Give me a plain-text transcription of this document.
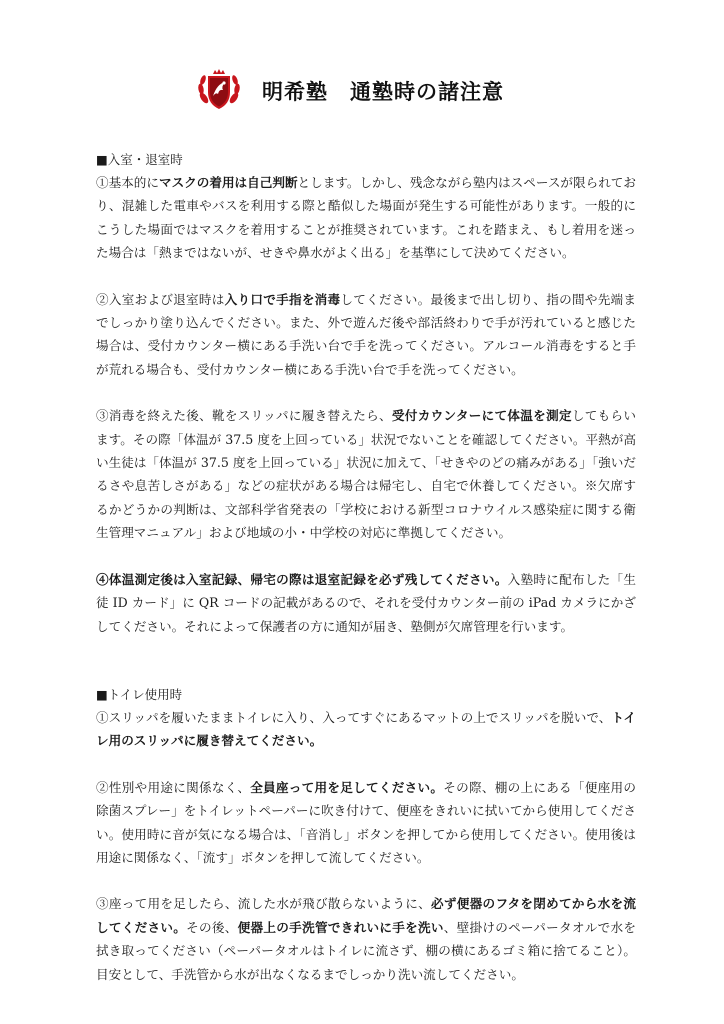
明希塾　通塾時の諸注意

■入室・退室時

①基本的にマスクの着用は自己判断とします。しかし、残念ながら塾内はスペースが限られており、混雑した電車やバスを利用する際と酷似した場面が発生する可能性があります。一般的にこうした場面ではマスクを着用することが推奨されています。これを踏まえ、もし着用を迷った場合は「熱まではないが、せきや鼻水がよく出る」を基準にして決めてください。

②入室および退室時は入り口で手指を消毒してください。最後まで出し切り、指の間や先端までしっかり塗り込んでください。また、外で遊んだ後や部活終わりで手が汚れていると感じた場合は、受付カウンター横にある手洗い台で手を洗ってください。アルコール消毒をすると手が荒れる場合も、受付カウンター横にある手洗い台で手を洗ってください。

③消毒を終えた後、靴をスリッパに履き替えたら、受付カウンターにて体温を測定してもらいます。その際「体温が 37.5 度を上回っている」状況でないことを確認してください。平熱が高い生徒は「体温が 37.5 度を上回っている」状況に加えて、「せきやのどの痛みがある」「強いだるさや息苦しさがある」などの症状がある場合は帰宅し、自宅で休養してください。※欠席するかどうかの判断は、文部科学省発表の「学校における新型コロナウイルス感染症に関する衛生管理マニュアル」および地域の小・中学校の対応に準拠してください。

④体温測定後は入室記録、帰宅の際は退室記録を必ず残してください。入塾時に配布した「生徒 ID カード」に QR コードの記載があるので、それを受付カウンター前の iPad カメラにかざしてください。それによって保護者の方に通知が届き、塾側が欠席管理を行います。

■トイレ使用時

①スリッパを履いたままトイレに入り、入ってすぐにあるマットの上でスリッパを脱いで、トイレ用のスリッパに履き替えてください。

②性別や用途に関係なく、全員座って用を足してください。その際、棚の上にある「便座用の除菌スプレー」をトイレットペーパーに吹き付けて、便座をきれいに拭いてから使用してください。使用時に音が気になる場合は、「音消し」ボタンを押してから使用してください。使用後は用途に関係なく、「流す」ボタンを押して流してください。

③座って用を足したら、流した水が飛び散らないように、必ず便器のフタを閉めてから水を流してください。その後、便器上の手洗管できれいに手を洗い、壁掛けのペーパータオルで水を拭き取ってください（ペーパータオルはトイレに流さず、棚の横にあるゴミ箱に捨てること）。目安として、手洗管から水が出なくなるまでしっかり洗い流してください。
